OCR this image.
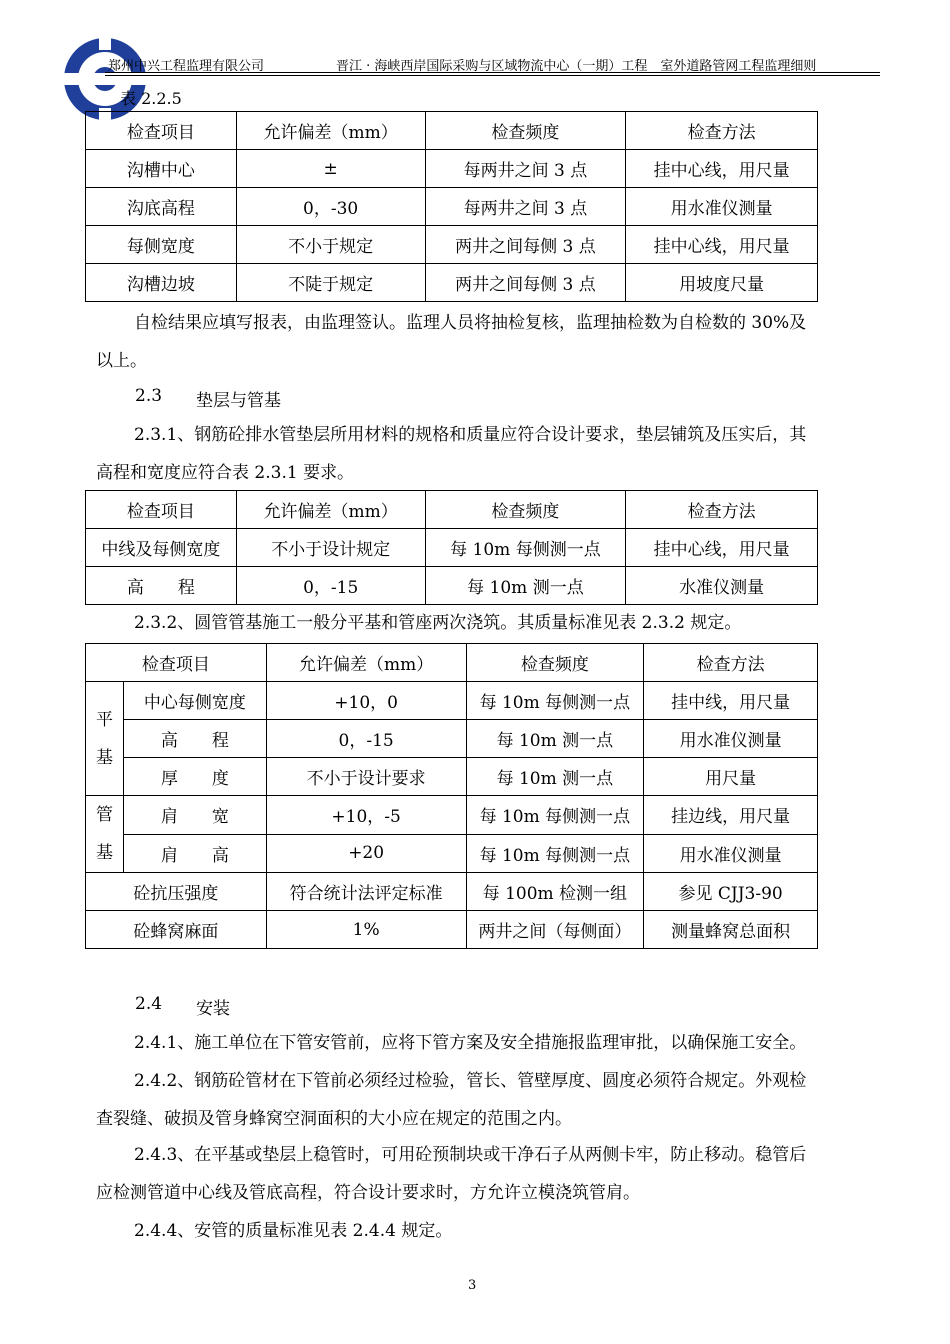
郑州中兴工程监理有限公司	晋江 · 海峡西岸国际采购与区域物流中心（一期）工程　室外道路管网工程监理细则
表 2.2.5
检查项目	允许偏差（mm）	检查频度	检查方法
沟槽中心	±	每两井之间 3 点	挂中心线，用尺量
沟底高程	0，-30	每两井之间 3 点	用水准仪测量
每侧宽度	不小于规定	两井之间每侧 3 点	挂中心线，用尺量
沟槽边坡	不陡于规定	两井之间每侧 3 点	用坡度尺量
自检结果应填写报表，由监理签认。监理人员将抽检复核，监理抽检数为自检数的 30%及
以上。
2.3 垫层与管基
2.3.1、钢筋砼排水管垫层所用材料的规格和质量应符合设计要求，垫层铺筑及压实后，其
高程和宽度应符合表 2.3.1 要求。
检查项目	允许偏差（mm）	检查频度	检查方法
中线及每侧宽度	不小于设计规定	每 10m 每侧测一点	挂中心线，用尺量
高　　程	0，-15	每 10m 测一点	水准仪测量
2.3.2、圆管管基施工一般分平基和管座两次浇筑。其质量标准见表 2.3.2 规定。
检查项目		允许偏差（mm）	检查频度	检查方法

平
基	中心每侧宽度	+10，0	每 10m 每侧测一点	挂中线，用尺量
	高　　程	0，-15	每 10m 测一点	用水准仪测量
	厚　　度	不小于设计要求	每 10m 测一点	用尺量

管
基	肩　　宽	+10，-5	每 10m 每侧测一点	挂边线，用尺量
	肩　　高	+20	每 10m 每侧测一点	用水准仪测量
砼抗压强度		符合统计法评定标准	每 100m 检测一组	参见 CJJ3-90
砼蜂窝麻面		1%	两井之间（每侧面）	测量蜂窝总面积
2.4 安装
2.4.1、施工单位在下管安管前，应将下管方案及安全措施报监理审批，以确保施工安全。
2.4.2、钢筋砼管材在下管前必须经过检验，管长、管壁厚度、圆度必须符合规定。外观检
查裂缝、破损及管身蜂窝空洞面积的大小应在规定的范围之内。
2.4.3、在平基或垫层上稳管时，可用砼预制块或干净石子从两侧卡牢，防止移动。稳管后
应检测管道中心线及管底高程，符合设计要求时，方允许立模浇筑管肩。
2.4.4、安管的质量标准见表 2.4.4 规定。
3
